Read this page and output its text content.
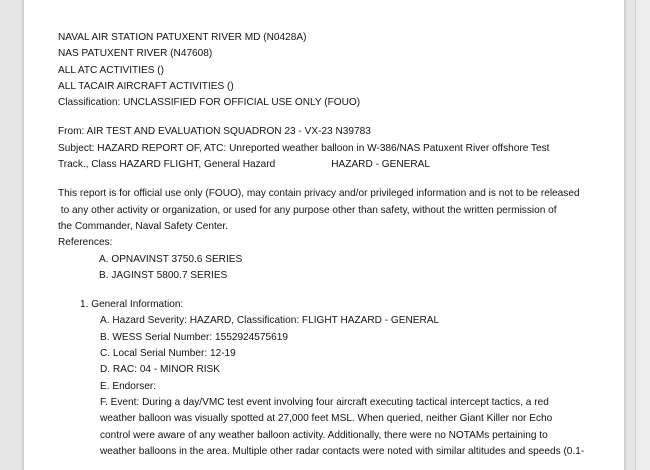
NAVAL AIR STATION PATUXENT RIVER MD (N0428A)
NAS PATUXENT RIVER (N47608)
ALL ATC ACTIVITIES ()
ALL TACAIR AIRCRAFT ACTIVITIES ()
Classification: UNCLASSIFIED FOR OFFICIAL USE ONLY (FOUO)
From: AIR TEST AND EVALUATION SQUADRON 23 - VX-23 N39783
Subject: HAZARD REPORT OF, ATC: Unreported weather balloon in W-386/NAS Patuxent River offshore Test
Track., Class HAZARD FLIGHT, General Hazard	HAZARD - GENERAL
This report is for official use only (FOUO), may contain privacy and/or privileged information and is not to be released
to any other activity or organization, or used for any purpose other than safety, without the written permission of
the Commander, Naval Safety Center.
References:
A. OPNAVINST 3750.6 SERIES
B. JAGINST 5800.7 SERIES
1. General Information:
A. Hazard Severity: HAZARD, Classification: FLIGHT HAZARD - GENERAL
B. WESS Serial Number: 1552924575619
C. Local Serial Number: 12-19
D. RAC: 04 - MINOR RISK
E. Endorser:
F. Event: During a day/VMC test event involving four aircraft executing tactical intercept tactics, a red
weather balloon was visually spotted at 27,000 feet MSL. When queried, neither Giant Killer nor Echo
control were aware of any weather balloon activity. Additionally, there were no NOTAMs pertaining to
weather balloons in the area. Multiple other radar contacts were noted with similar altitudes and speeds (0.1-
